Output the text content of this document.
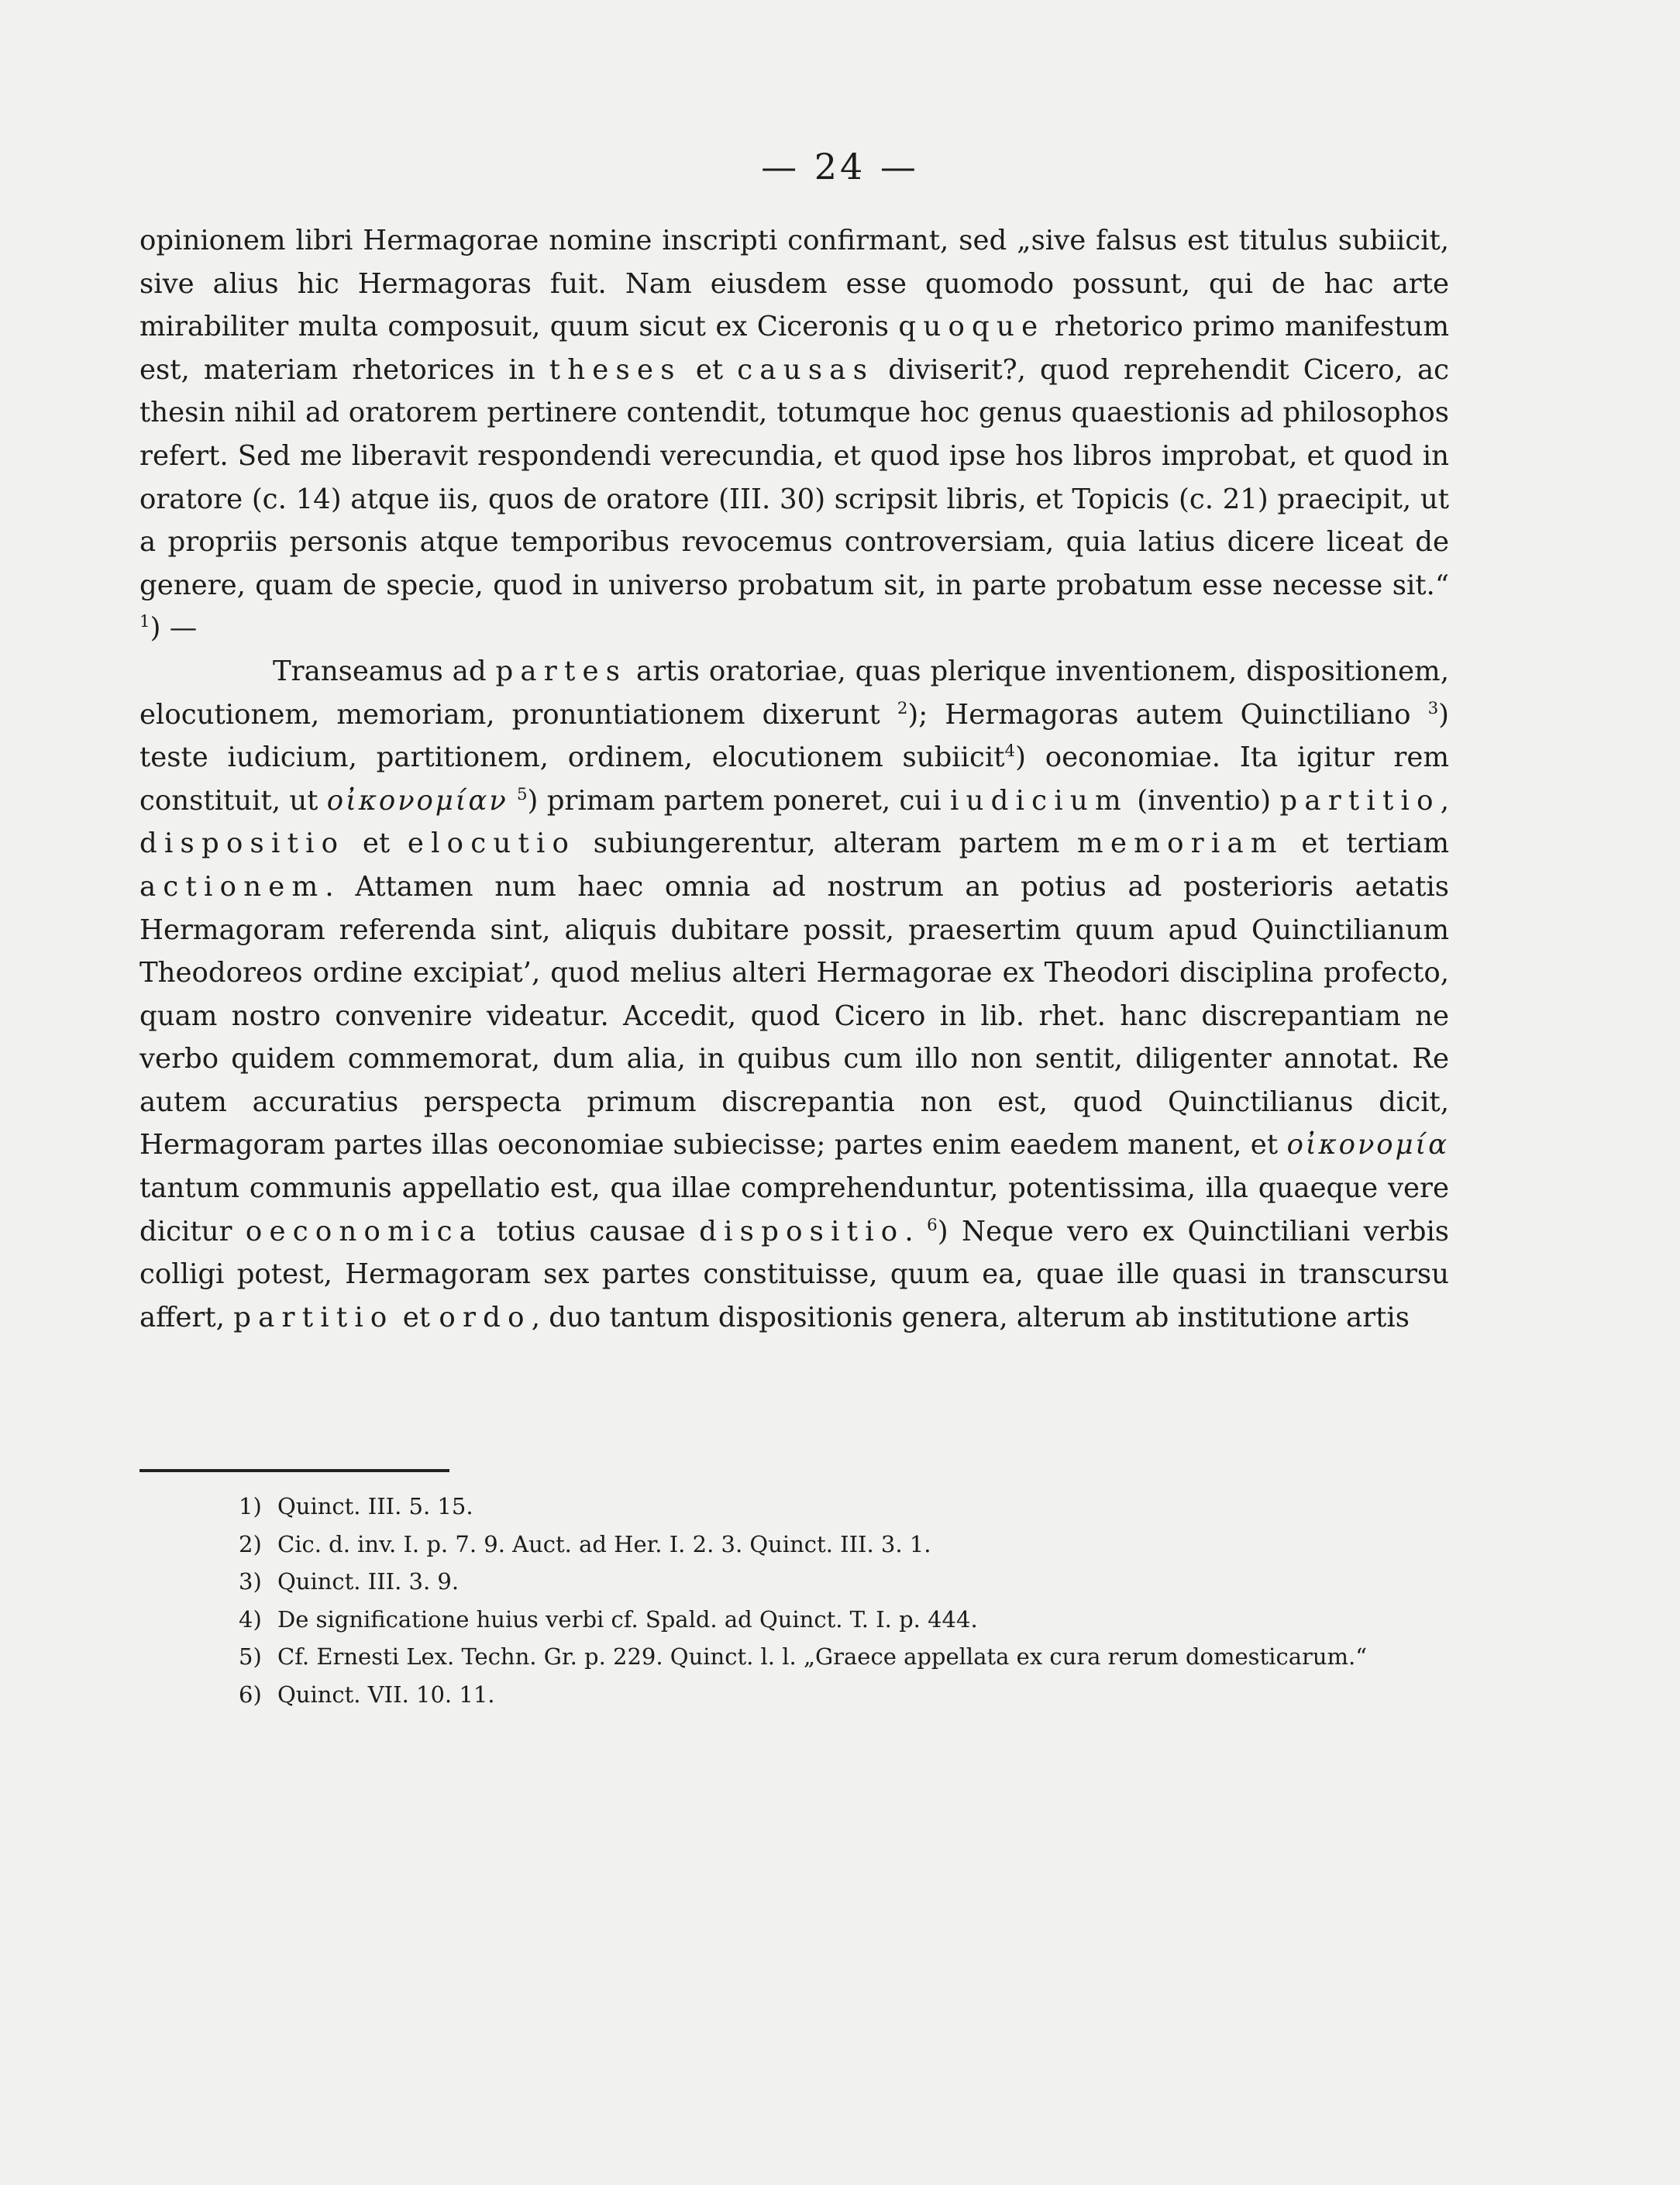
— 24 —

opinionem libri Hermagorae nomine inscripti confirmant, sed „sive falsus est titulus subiicit, sive alius hic Hermagoras fuit. Nam eiusdem esse quomodo possunt, qui de hac arte mirabiliter multa composuit, quum sicut ex Ciceronis quoque rhetorico primo manifestum est, materiam rhetorices in theses et causas diviserit?, quod reprehendit Cicero, ac thesin nihil ad oratorem pertinere contendit, totumque hoc genus quaestionis ad philosophos refert. Sed me liberavit respondendi verecundia, et quod ipse hos libros improbat, et quod in oratore (c. 14) atque iis, quos de oratore (III. 30) scripsit libris, et Topicis (c. 21) praecipit, ut a propriis personis atque temporibus revocemus controversiam, quia latius dicere liceat de genere, quam de specie, quod in universo probatum sit, in parte probatum esse necesse sit.“ $^1$) —

Transeamus ad partes artis oratoriae, quas plerique inventionem, dispositionem, elocutionem, memoriam, pronuntiationem dixerunt $^2$); Hermagoras autem Quinctiliano $^3$) teste iudicium, partitionem, ordinem, elocutionem subiicit$^4$) oeconomiae. Ita igitur rem constituit, ut οἰκονομίαν $^5$) primam partem poneret, cui iudicium (inventio) partitio, dispositio et elocutio subiungerentur, alteram partem memoriam et tertiam actionem. Attamen num haec omnia ad nostrum an potius ad posterioris aetatis Hermagoram referenda sint, aliquis dubitare possit, praesertim quum apud Quinctilianum Theodoreos ordine excipiat’, quod melius alteri Hermagorae ex Theodori disciplina profecto, quam nostro convenire videatur. Accedit, quod Cicero in lib. rhet. hanc discrepantiam ne verbo quidem commemorat, dum alia, in quibus cum illo non sentit, diligenter annotat. Re autem accuratius perspecta primum discrepantia non est, quod Quinctilianus dicit, Hermagoram partes illas oeconomiae subiecisse; partes enim eaedem manent, et οἰκονομία tantum communis appellatio est, qua illae comprehenduntur, potentissima, illa quaeque vere dicitur oeconomica totius causae dispositio. $^6$) Neque vero ex Quinctiliani verbis colligi potest, Hermagoram sex partes constituisse, quum ea, quae ille quasi in transcursu affert, partitio et ordo, duo tantum dispositionis genera, alterum ab institutione artis

1) Quinct. III. 5. 15.
2) Cic. d. inv. I. p. 7. 9. Auct. ad Her. I. 2. 3. Quinct. III. 3. 1.
3) Quinct. III. 3. 9.
4) De significatione huius verbi cf. Spald. ad Quinct. T. I. p. 444.
5) Cf. Ernesti Lex. Techn. Gr. p. 229. Quinct. l. l. „Graece appellata ex cura rerum domesticarum.“
6) Quinct. VII. 10. 11.
